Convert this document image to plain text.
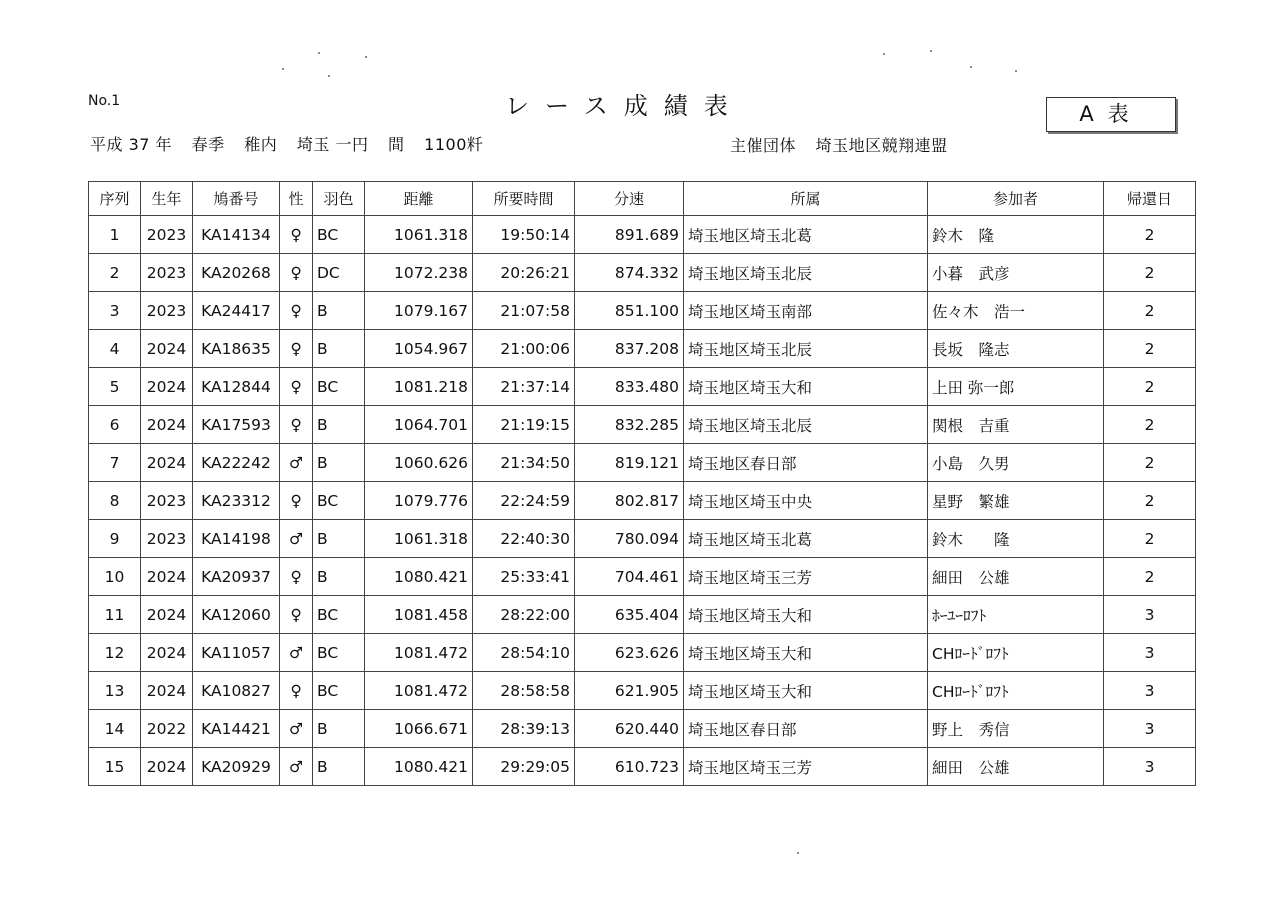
No.1	レース成績表	A表
平成 37 年 春季 稚内 埼玉 一円 間 1100粁	主催団体 埼玉地区競翔連盟
序列	生年	鳩番号	性	羽色	距離	所要時間	分速	所属	参加者	帰還日
1	2023	KA14134	♀	BC	1061.318	19:50:14	891.689	埼玉地区埼玉北葛	鈴木　隆	2
2	2023	KA20268	♀	DC	1072.238	20:26:21	874.332	埼玉地区埼玉北辰	小暮　武彦	2
3	2023	KA24417	♀	B	1079.167	21:07:58	851.100	埼玉地区埼玉南部	佐々木　浩一	2
4	2024	KA18635	♀	B	1054.967	21:00:06	837.208	埼玉地区埼玉北辰	長坂　隆志	2
5	2024	KA12844	♀	BC	1081.218	21:37:14	833.480	埼玉地区埼玉大和	上田 弥一郎	2
6	2024	KA17593	♀	B	1064.701	21:19:15	832.285	埼玉地区埼玉北辰	関根　吉重	2
7	2024	KA22242	♂	B	1060.626	21:34:50	819.121	埼玉地区春日部	小島　久男	2
8	2023	KA23312	♀	BC	1079.776	22:24:59	802.817	埼玉地区埼玉中央	星野　繁雄	2
9	2023	KA14198	♂	B	1061.318	22:40:30	780.094	埼玉地区埼玉北葛	鈴木　　隆	2
10	2024	KA20937	♀	B	1080.421	25:33:41	704.461	埼玉地区埼玉三芳	細田　公雄	2
11	2024	KA12060	♀	BC	1081.458	28:22:00	635.404	埼玉地区埼玉大和	ﾎｰﾕｰﾛﾌﾄ	3
12	2024	KA11057	♂	BC	1081.472	28:54:10	623.626	埼玉地区埼玉大和	CHﾛｰﾄﾞﾛﾌﾄ	3
13	2024	KA10827	♀	BC	1081.472	28:58:58	621.905	埼玉地区埼玉大和	CHﾛｰﾄﾞﾛﾌﾄ	3
14	2022	KA14421	♂	B	1066.671	28:39:13	620.440	埼玉地区春日部	野上　秀信	3
15	2024	KA20929	♂	B	1080.421	29:29:05	610.723	埼玉地区埼玉三芳	細田　公雄	3
